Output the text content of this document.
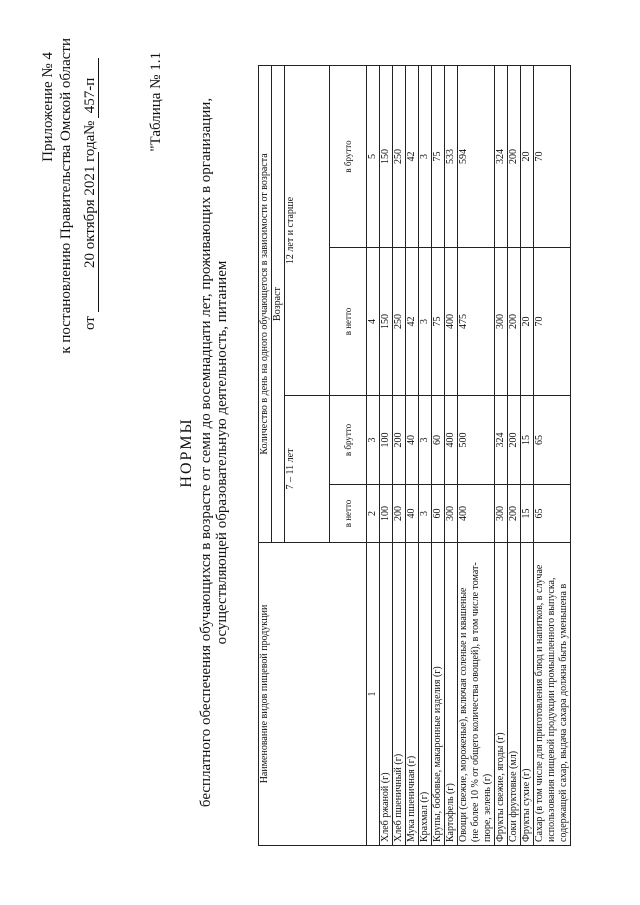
Приложение № 4 к постановлению Правительства Омской области от
20 октября 2021 года
№  457-п	"Таблица № 1.1
НОРМЫ бесплатного обеспечения обучающихся в возрасте от семи до восемнадцати лет, проживающих в организации, осуществляющей образовательную деятельность, питанием
Наименование видов пищевой продукции	Количество в день на одного обучающегося в зависимости от возраста			
	Возраст			
	7 – 11 лет		12 лет и старше	
	в нетто	в брутто	в нетто	в брутто
1	2	3	4	5
Хлеб ржаной (г)	100	100	150	150
Хлеб пшеничный (г)	200	200	250	250
Мука пшеничная (г)	40	40	42	42
Крахмал (г)	3	3	3	3
Крупы, бобовые, макаронные изделия (г)	60	60	75	75
Картофель (г)	300	400	400	533

Овощи (свежие, мороженые), включая соленые и квашеные (не более 10 % от общего количества овощей), в том числе томат- пюре, зелень (г)	400	500	475	594
Фрукты свежие, ягоды (г)	300	324	300	324
Соки фруктовые (мл)	200	200	200	200
Фрукты сухие (г)	15	15	20	20

Сахар (в том числе для приготовления блюд и напитков, в случае использования пищевой продукции промышленного выпуска, содержащей сахар, выдача сахара должна быть уменьшена в	65	65	70	70
